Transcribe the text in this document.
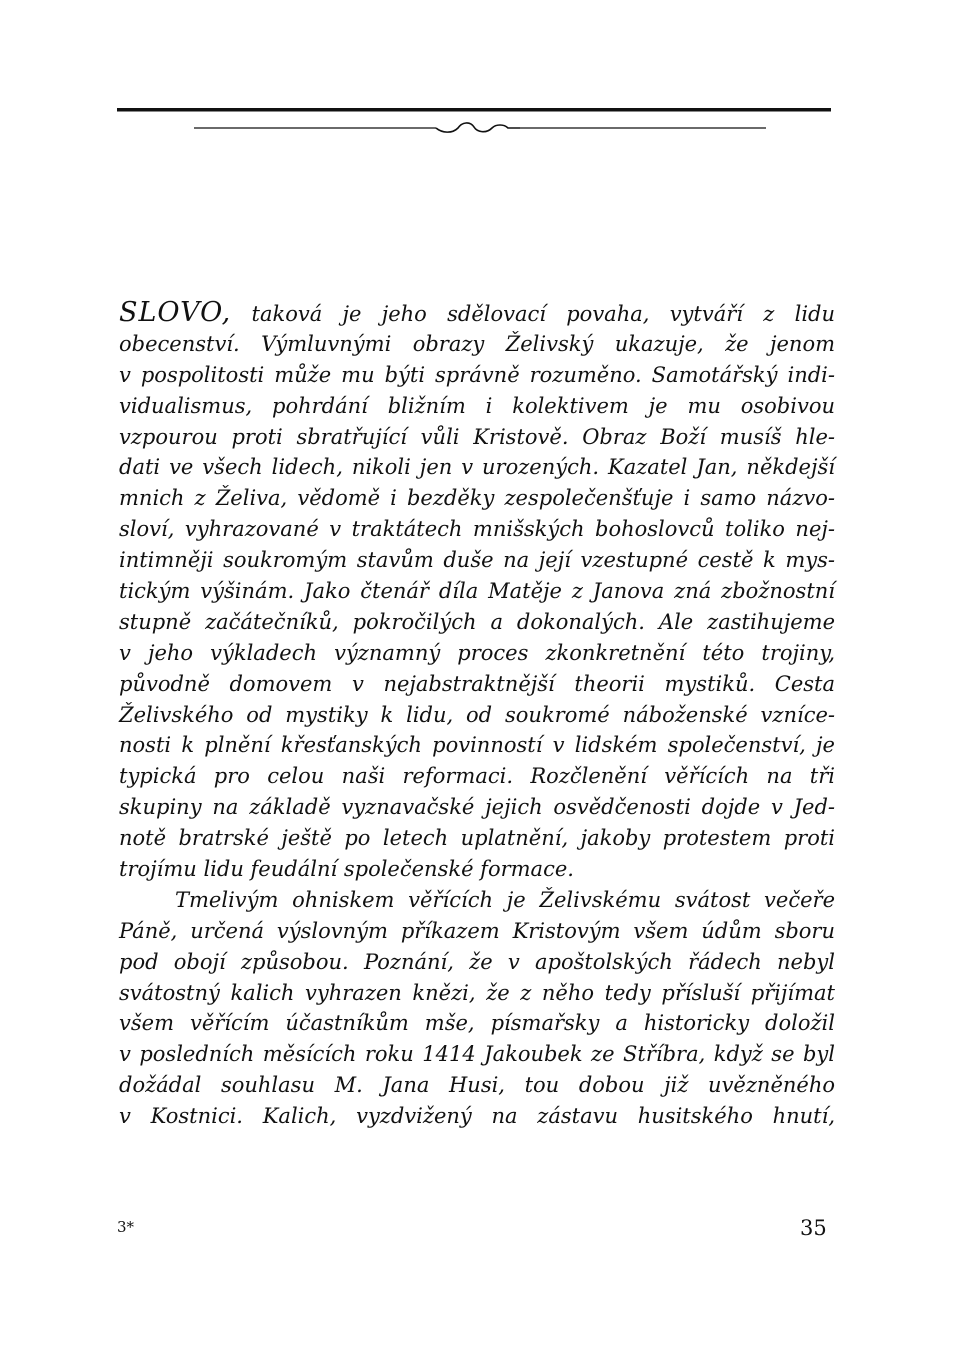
SLOVO, taková je jeho sdělovací povaha, vytváří z lidu
obecenství. Výmluvnými obrazy Želivský ukazuje, že jenom
v pospolitosti může mu býti správně rozuměno. Samotářský indi-
vidualismus, pohrdání bližním i kolektivem je mu osobivou
vzpourou proti sbratřující vůli Kristově. Obraz Boží musíš hle-
dati ve všech lidech, nikoli jen v urozených. Kazatel Jan, někdejší
mnich z Želiva, vědomě i bezděky zespolečenšťuje i samo názvo-
sloví, vyhrazované v traktátech mnišských bohoslovců toliko nej-
intimněji soukromým stavům duše na její vzestupné cestě k mys-
tickým výšinám. Jako čtenář díla Matěje z Janova zná zbožnostní
stupně začátečníků, pokročilých a dokonalých. Ale zastihujeme
v jeho výkladech významný proces zkonkretnění této trojiny,
původně domovem v nejabstraktnější theorii mystiků. Cesta
Želivského od mystiky k lidu, od soukromé náboženské vznícе-
nosti k plnění křesťanských povinností v lidském společenství, je
typická pro celou naši reformaci. Rozčlenění věřících na tři
skupiny na základě vyznavačské jejich osvědčenosti dojde v Jed-
notě bratrské ještě po letech uplatnění, jakoby protestem proti
trojímu lidu feudální společenské formace.
Tmelivým ohniskem věřících je Želivskému svátost večeře
Páně, určená výslovným příkazem Kristovým všem údům sboru
pod obojí způsobou. Poznání, že v apoštolských řádech nebyl
svátostný kalich vyhrazen knězi, že z něho tedy přísluší přijímat
všem věřícím účastníkům mše, písmařsky a historicky doložil
v posledních měsících roku 1414 Jakoubek ze Stříbra, když se byl
dožádal souhlasu M. Jana Husi, tou dobou již uvězněného
v Kostnici. Kalich, vyzdvižený na zástavu husitského hnutí,
3*	35
